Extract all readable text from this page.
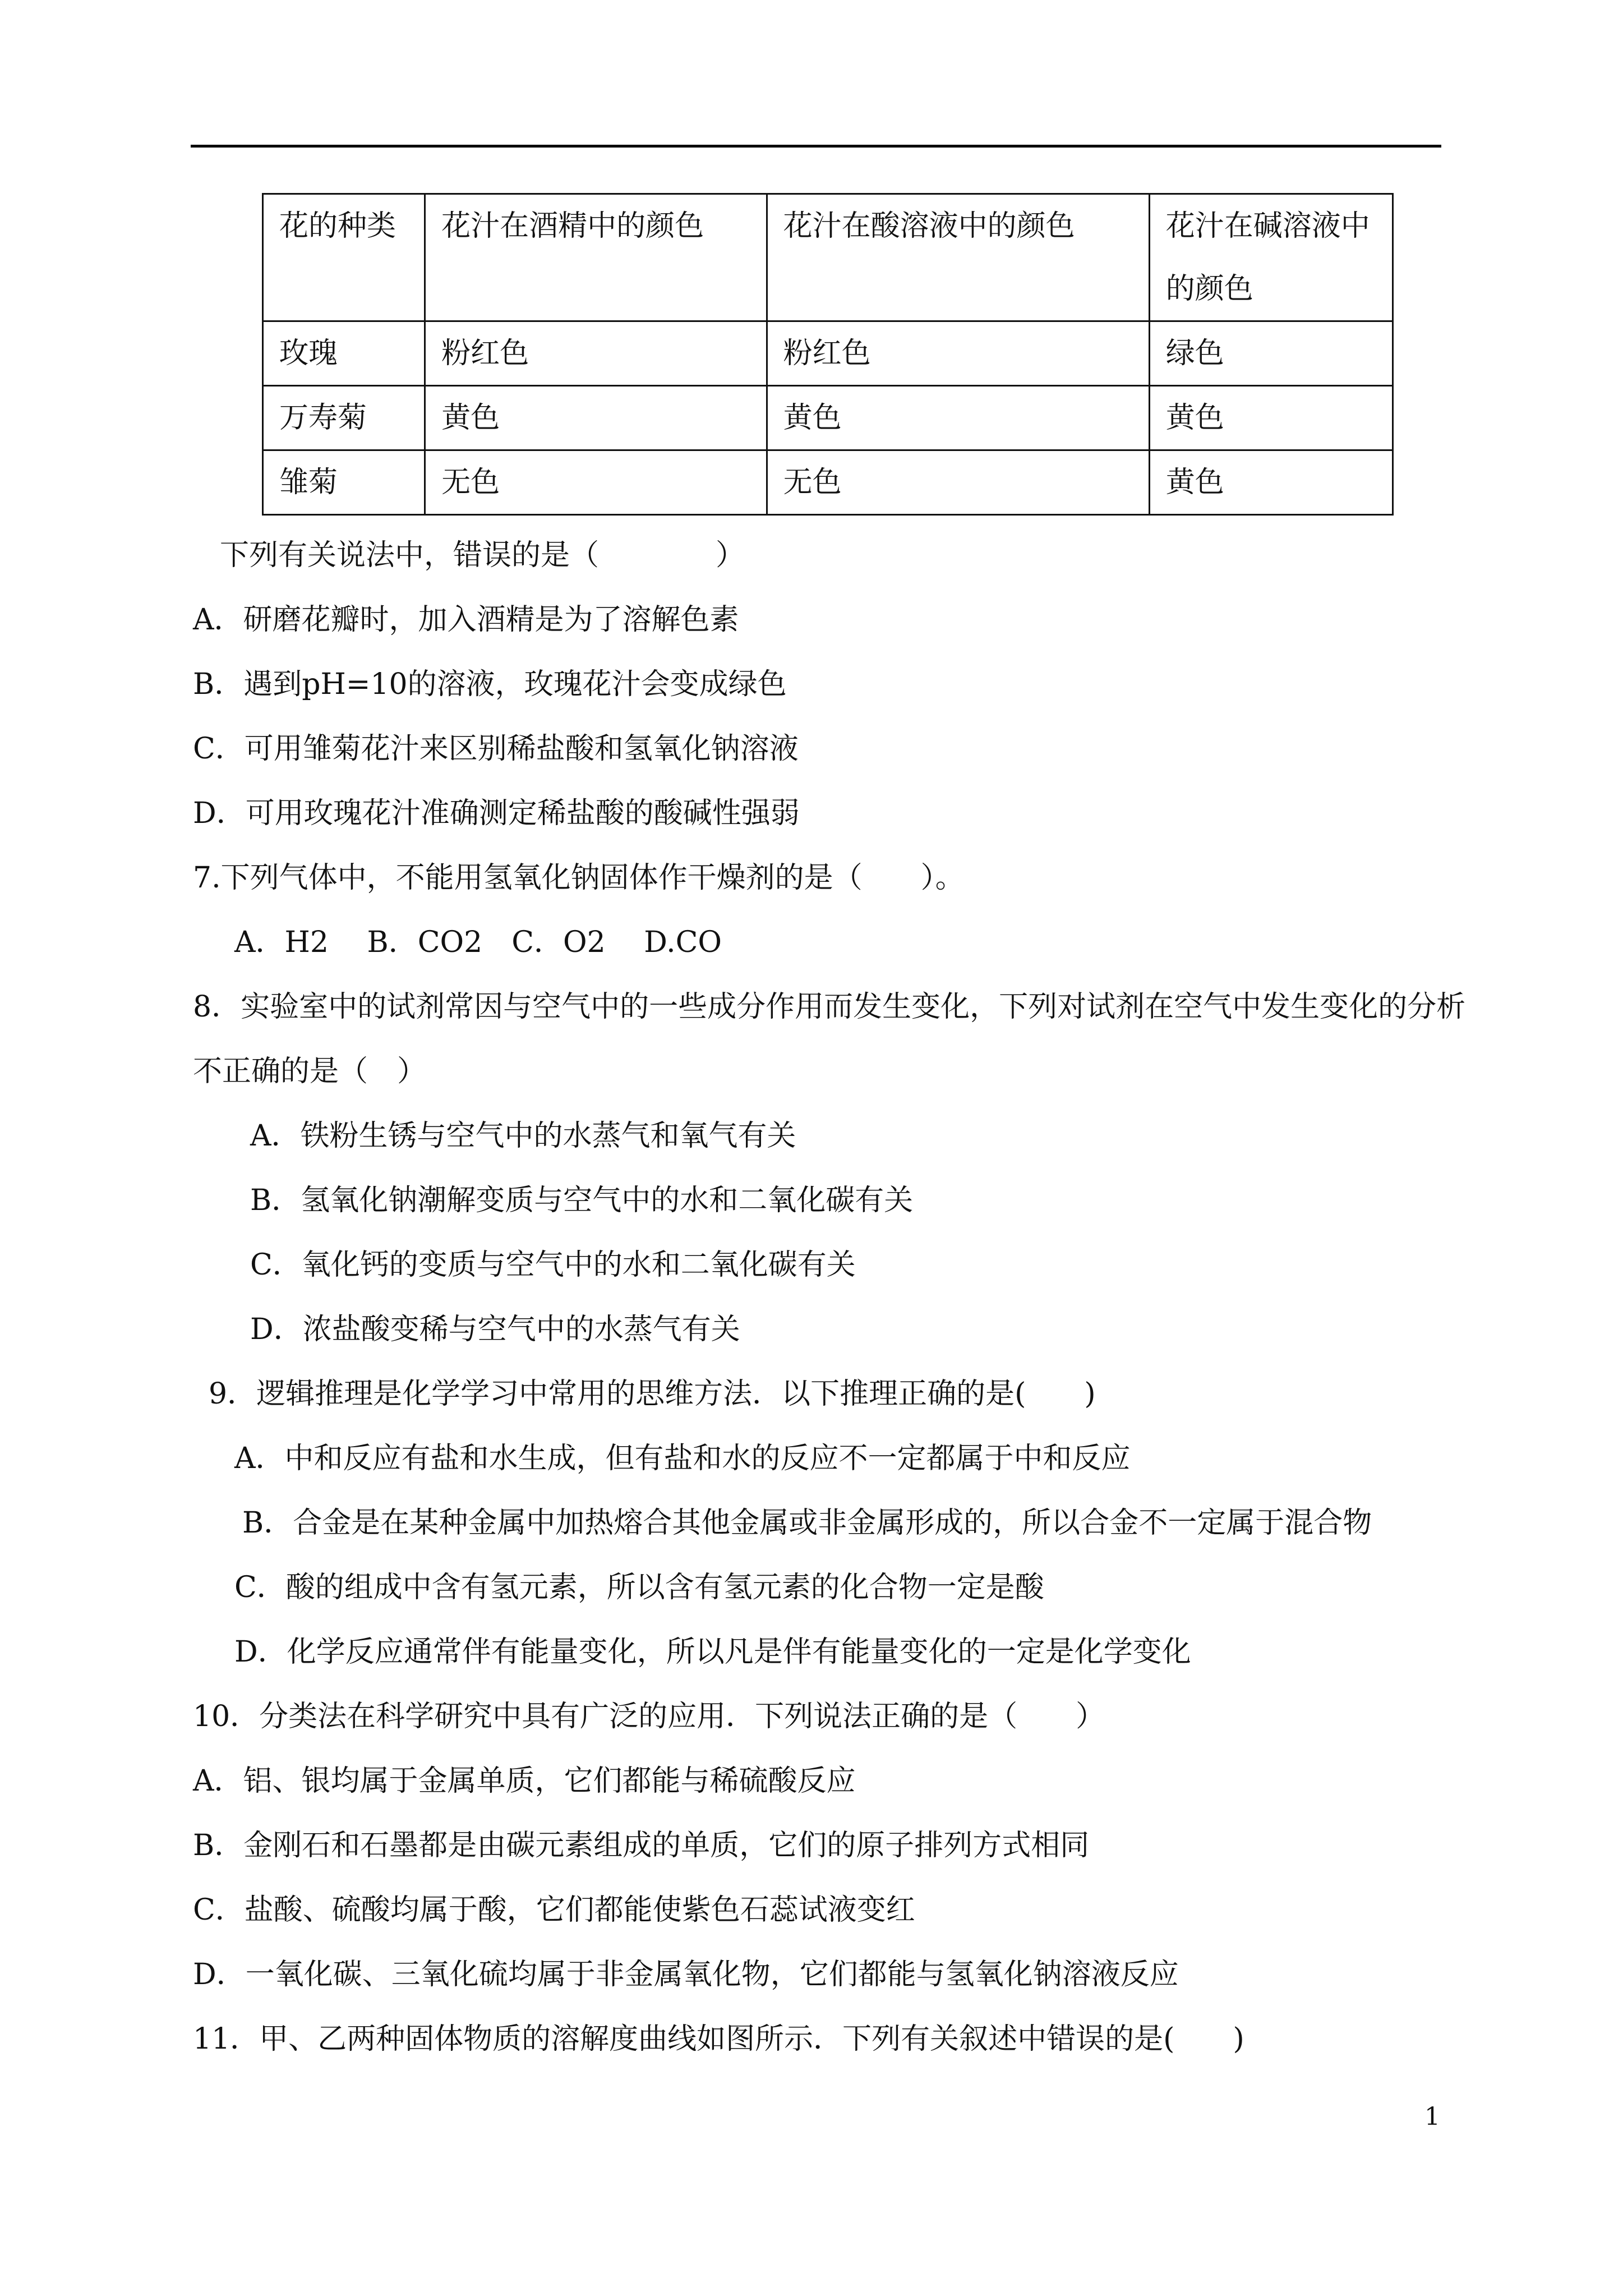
花的种类	花汁在酒精中的颜色	花汁在酸溶液中的颜色	花汁在碱溶液中的颜色
玫瑰	粉红色	粉红色	绿色
万寿菊	黄色	黄色	黄色
雏菊	无色	无色	黄色
下列有关说法中，错误的是（　　　　）
A．研磨花瓣时，加入酒精是为了溶解色素
B．遇到pH=10的溶液，玫瑰花汁会变成绿色
C．可用雏菊花汁来区别稀盐酸和氢氧化钠溶液
D．可用玫瑰花汁准确测定稀盐酸的酸碱性强弱
7.下列气体中，不能用氢氧化钠固体作干燥剂的是（　　）。
A．H2　 B．CO2　C．O2　 D.CO
8．实验室中的试剂常因与空气中的一些成分作用而发生变化，下列对试剂在空气中发生变化的分析
不正确的是（　）
A．铁粉生锈与空气中的水蒸气和氧气有关
B．氢氧化钠潮解变质与空气中的水和二氧化碳有关
C．氧化钙的变质与空气中的水和二氧化碳有关
D．浓盐酸变稀与空气中的水蒸气有关
9．逻辑推理是化学学习中常用的思维方法．以下推理正确的是(　　)
A．中和反应有盐和水生成，但有盐和水的反应不一定都属于中和反应
B．合金是在某种金属中加热熔合其他金属或非金属形成的，所以合金不一定属于混合物
C．酸的组成中含有氢元素，所以含有氢元素的化合物一定是酸
D．化学反应通常伴有能量变化，所以凡是伴有能量变化的一定是化学变化
10．分类法在科学研究中具有广泛的应用．下列说法正确的是（　　）
A．铝、银均属于金属单质，它们都能与稀硫酸反应
B．金刚石和石墨都是由碳元素组成的单质，它们的原子排列方式相同
C．盐酸、硫酸均属于酸，它们都能使紫色石蕊试液变红
D．一氧化碳、三氧化硫均属于非金属氧化物，它们都能与氢氧化钠溶液反应
11．甲、乙两种固体物质的溶解度曲线如图所示．下列有关叙述中错误的是(　　)
1
